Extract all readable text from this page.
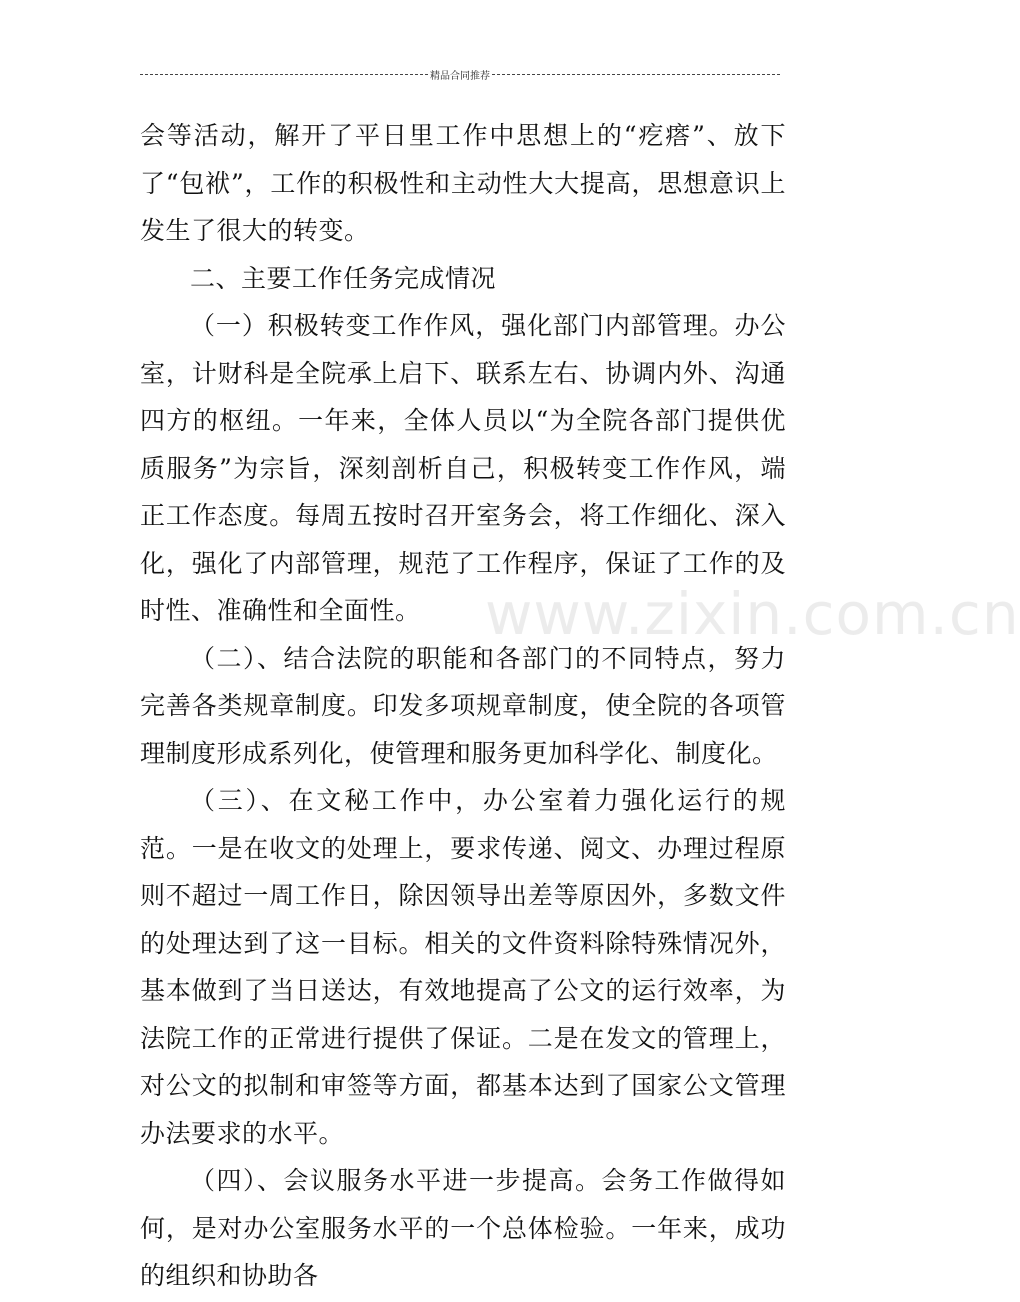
精品合同推荐
www.zixin.com.cn

会等活动，解开了平日里工作中思想上的“疙瘩”、放下了“包袱”，工作的积极性和主动性大大提高，思想意识上发生了很大的转变。

二、主要工作任务完成情况

（一）积极转变工作作风，强化部门内部管理。办公室，计财科是全院承上启下、联系左右、协调内外、沟通四方的枢纽。一年来，全体人员以“为全院各部门提供优质服务”为宗旨，深刻剖析自己，积极转变工作作风，端正工作态度。每周五按时召开室务会，将工作细化、深入化，强化了内部管理，规范了工作程序，保证了工作的及时性、准确性和全面性。

（二）、结合法院的职能和各部门的不同特点，努力完善各类规章制度。印发多项规章制度，使全院的各项管理制度形成系列化，使管理和服务更加科学化、制度化。

（三）、在文秘工作中，办公室着力强化运行的规范。一是在收文的处理上，要求传递、阅文、办理过程原则不超过一周工作日，除因领导出差等原因外，多数文件的处理达到了这一目标。相关的文件资料除特殊情况外，基本做到了当日送达，有效地提高了公文的运行效率，为法院工作的正常进行提供了保证。二是在发文的管理上，对公文的拟制和审签等方面，都基本达到了国家公文管理办法要求的水平。

（四）、会议服务水平进一步提高。会务工作做得如何，是对办公室服务水平的一个总体检验。一年来，成功的组织和协助各
